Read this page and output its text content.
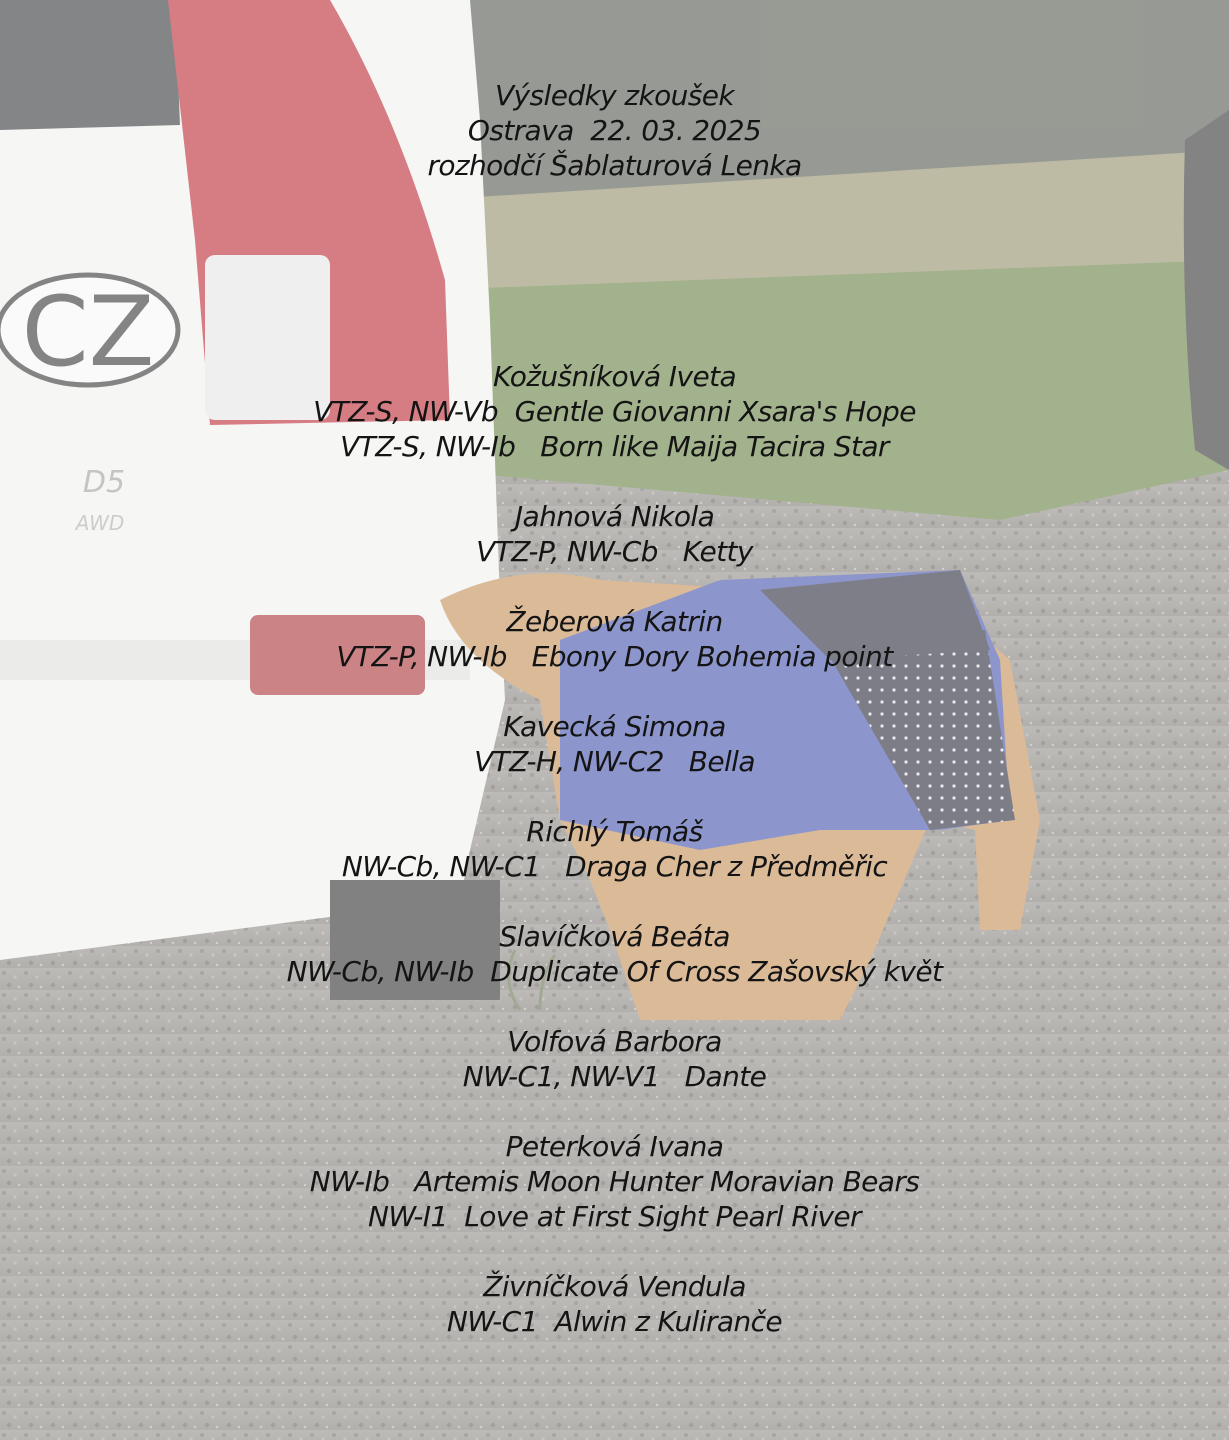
CZ
D5
AWD
Výsledky zkoušek
Ostrava  22. 03. 2025
rozhodčí Šablaturová Lenka
Kožušníková Iveta
VTZ-S, NW-Vb  Gentle Giovanni Xsara's Hope
VTZ-S, NW-Ib   Born like Maija Tacira Star
Jahnová Nikola
VTZ-P, NW-Cb   Ketty
Žeberová Katrin
VTZ-P, NW-Ib   Ebony Dory Bohemia point
Kavecká Simona
VTZ-H, NW-C2   Bella
Richlý Tomáš
NW-Cb, NW-C1   Draga Cher z Předměřic
Slavíčková Beáta
NW-Cb, NW-Ib  Duplicate Of Cross Zašovský květ
Volfová Barbora
NW-C1, NW-V1   Dante
Peterková Ivana
NW-Ib   Artemis Moon Hunter Moravian Bears
NW-I1  Love at First Sight Pearl River
Živníčková Vendula
NW-C1  Alwin z Kuliranče
